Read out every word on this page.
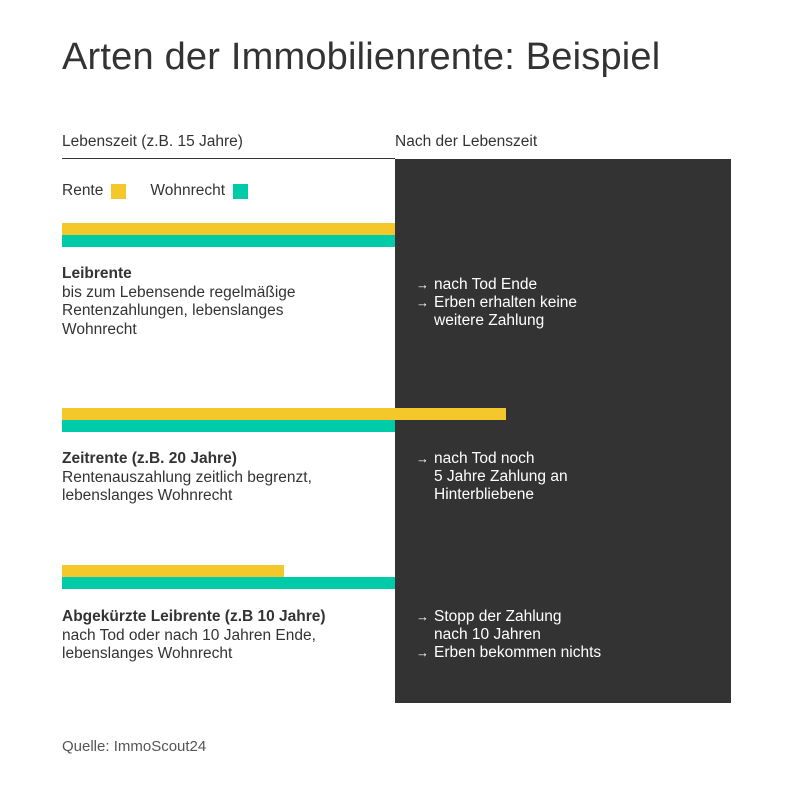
Arten der Immobilienrente: Beispiel
Lebenszeit (z.B. 15 Jahre)	Nach der Lebenszeit
Rente	Wohnrecht
Leibrente
bis zum Lebensende regelmäßige
Rentenzahlungen, lebenslanges
Wohnrecht
Zeitrente (z.B. 20 Jahre)
Rentenauszahlung zeitlich begrenzt,
lebenslanges Wohnrecht
Abgekürzte Leibrente (z.B 10 Jahre)
nach Tod oder nach 10 Jahren Ende,
lebenslanges Wohnrecht
→ nach Tod Ende
→ Erben erhalten keine
weitere Zahlung
→ nach Tod noch
5 Jahre Zahlung an
Hinterbliebene
→ Stopp der Zahlung
nach 10 Jahren
→ Erben bekommen nichts
Quelle: ImmoScout24
